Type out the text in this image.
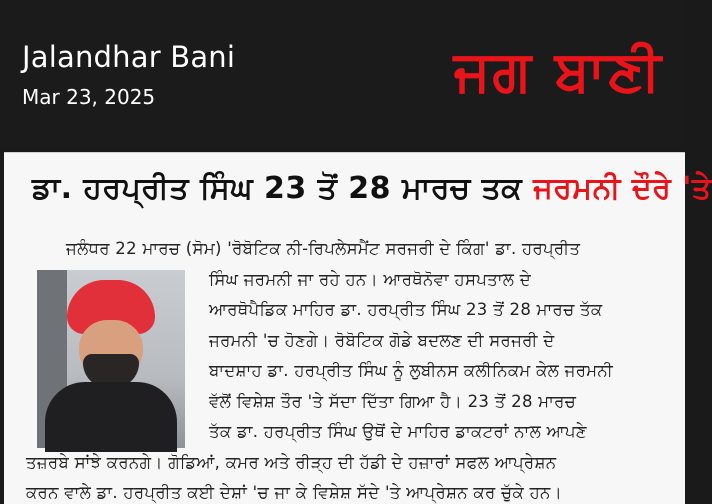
Jalandhar Bani
Mar 23, 2025	ਜਗ ਬਾਣੀ
ਡਾ. ਹਰਪ੍ਰੀਤ ਸਿੰਘ 23 ਤੋਂ 28 ਮਾਰਚ ਤਕ ਜਰਮਨੀ ਦੌਰੇ 'ਤੇ
ਜਲੰਧਰ 22 ਮਾਰਚ (ਸੋਮ) 'ਰੋਬੋਟਿਕ ਨੀ-ਰਿਪਲੇਸਮੈਂਟ ਸਰਜਰੀ ਦੇ ਕਿੰਗ' ਡਾ. ਹਰਪ੍ਰੀਤ
ਸਿੰਘ ਜਰਮਨੀ ਜਾ ਰਹੇ ਹਨ। ਆਰਥੋਨੋਵਾ ਹਸਪਤਾਲ ਦੇ
ਆਰਥੋਪੈਡਿਕ ਮਾਹਿਰ ਡਾ. ਹਰਪ੍ਰੀਤ ਸਿੰਘ 23 ਤੋਂ 28 ਮਾਰਚ ਤੱਕ
ਜਰਮਨੀ 'ਚ ਹੋਣਗੇ। ਰੋਬੋਟਿਕ ਗੋਡੇ ਬਦਲਣ ਦੀ ਸਰਜਰੀ ਦੇ
ਬਾਦਸ਼ਾਹ ਡਾ. ਹਰਪ੍ਰੀਤ ਸਿੰਘ ਨੂੰ ਲੁਬੀਨਸ ਕਲੀਨਿਕਮ ਕੇਲ ਜਰਮਨੀ
ਵੱਲੋਂ ਵਿਸ਼ੇਸ਼ ਤੌਰ 'ਤੇ ਸੱਦਾ ਦਿੱਤਾ ਗਿਆ ਹੈ। 23 ਤੋਂ 28 ਮਾਰਚ
ਤੱਕ ਡਾ. ਹਰਪ੍ਰੀਤ ਸਿੰਘ ਉਥੋਂ ਦੇ ਮਾਹਿਰ ਡਾਕਟਰਾਂ ਨਾਲ ਆਪਣੇ
ਤਜ਼ਰਬੇ ਸਾਂਝੇ ਕਰਨਗੇ। ਗੋਡਿਆਂ, ਕਮਰ ਅਤੇ ਰੀੜ੍ਹ ਦੀ ਹੱਡੀ ਦੇ ਹਜ਼ਾਰਾਂ ਸਫਲ ਆਪ੍ਰੇਸ਼ਨ
ਕਰਨ ਵਾਲੇ ਡਾ. ਹਰਪ੍ਰੀਤ ਕਈ ਦੇਸ਼ਾਂ 'ਚ ਜਾ ਕੇ ਵਿਸ਼ੇਸ਼ ਸੱਦੇ 'ਤੇ ਆਪ੍ਰੇਸ਼ਨ ਕਰ ਚੁੱਕੇ ਹਨ।
